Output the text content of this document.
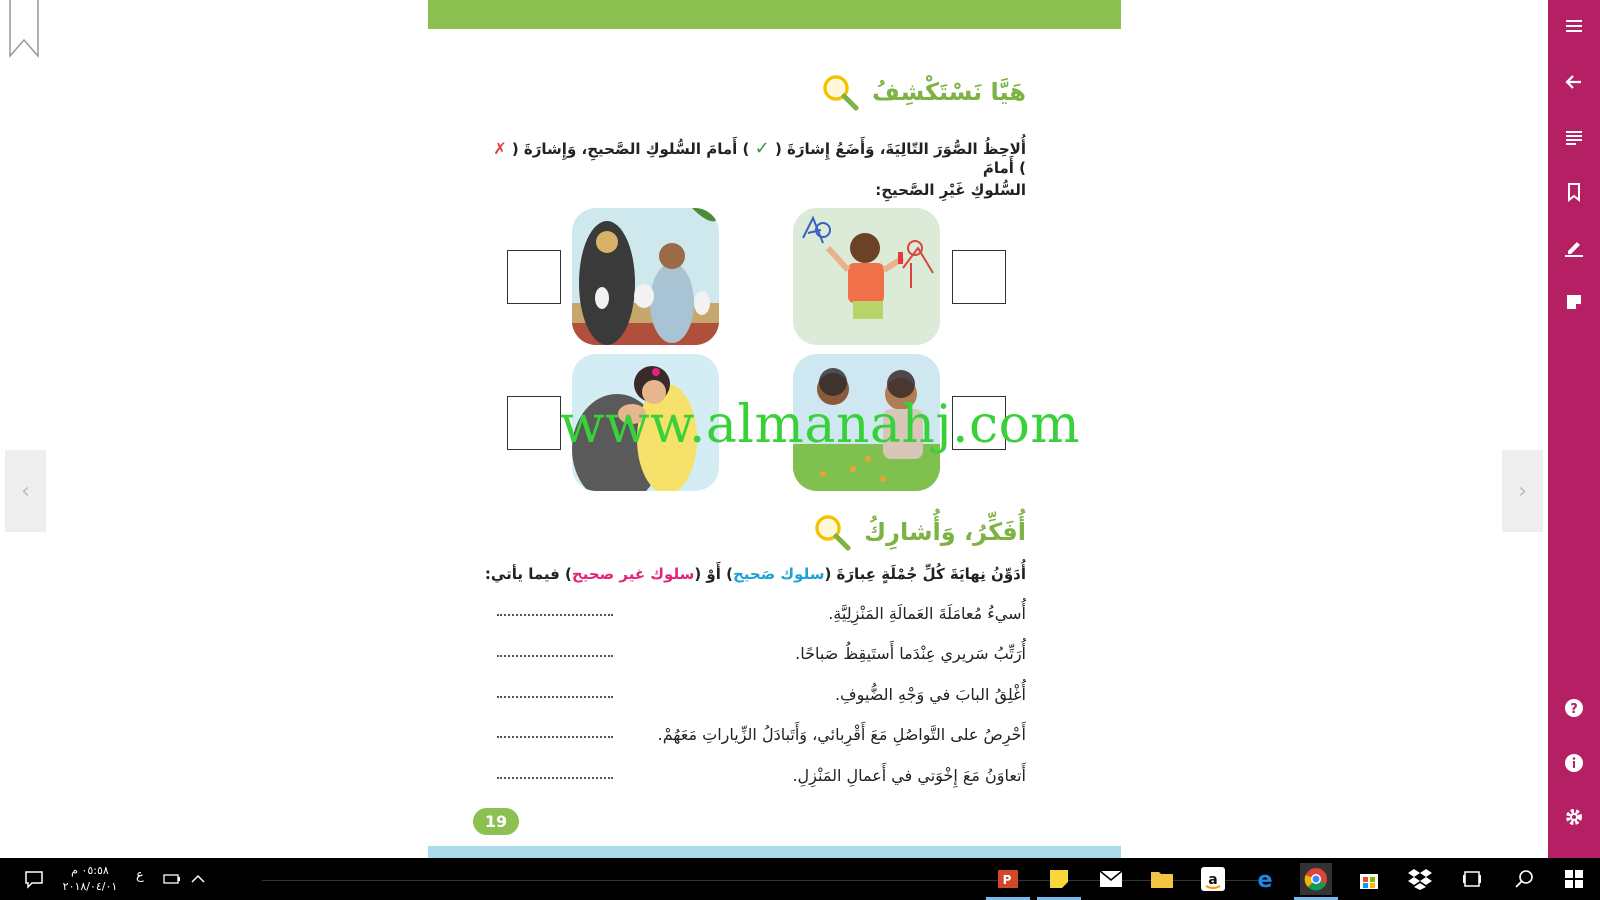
‹	›
هَيَّا نَسْتَكْشِفُ
أُلاحِظُ الصُّوَرَ التّالِيَةَ، وَأَضَعُ إِشارَةَ ( ✓ ) أَمامَ السُّلوكِ الصَّحيحِ، وَإِشارَةَ ( ✗ ) أَمامَ
السُّلوكِ غَيْرِ الصَّحيحِ:
أُفَكِّرُ، وَأُشارِكُ
أُدَوِّنُ نِهايَةَ كُلِّ جُمْلَةٍ عِبارَةَ (سلوك صَحيح) أَوْ (سلوك غير صحيح) فيما يأتي:
أُسيءُ مُعامَلَةَ العَمالَةِ المَنْزِلِيَّةِ.
أُرَتِّبُ سَريري عِنْدَما أَستَيقِظُ صَباحًا.
أُغْلِقُ البابَ في وَجْهِ الضُّيوفِ.
أَحْرِصُ على التَّواصُلِ مَعَ أَقْرِبائي، وَأَتَبادَلُ الزِّياراتِ مَعَهُمْ.
أَتعاوَنُ مَعَ إِخْوَتي في أَعمالِ المَنْزِلِ.
19
www.almanahj.com
?
٠٥:٥٨ م
٢٠١٨/٠٤/٠١
ع	P	a e
